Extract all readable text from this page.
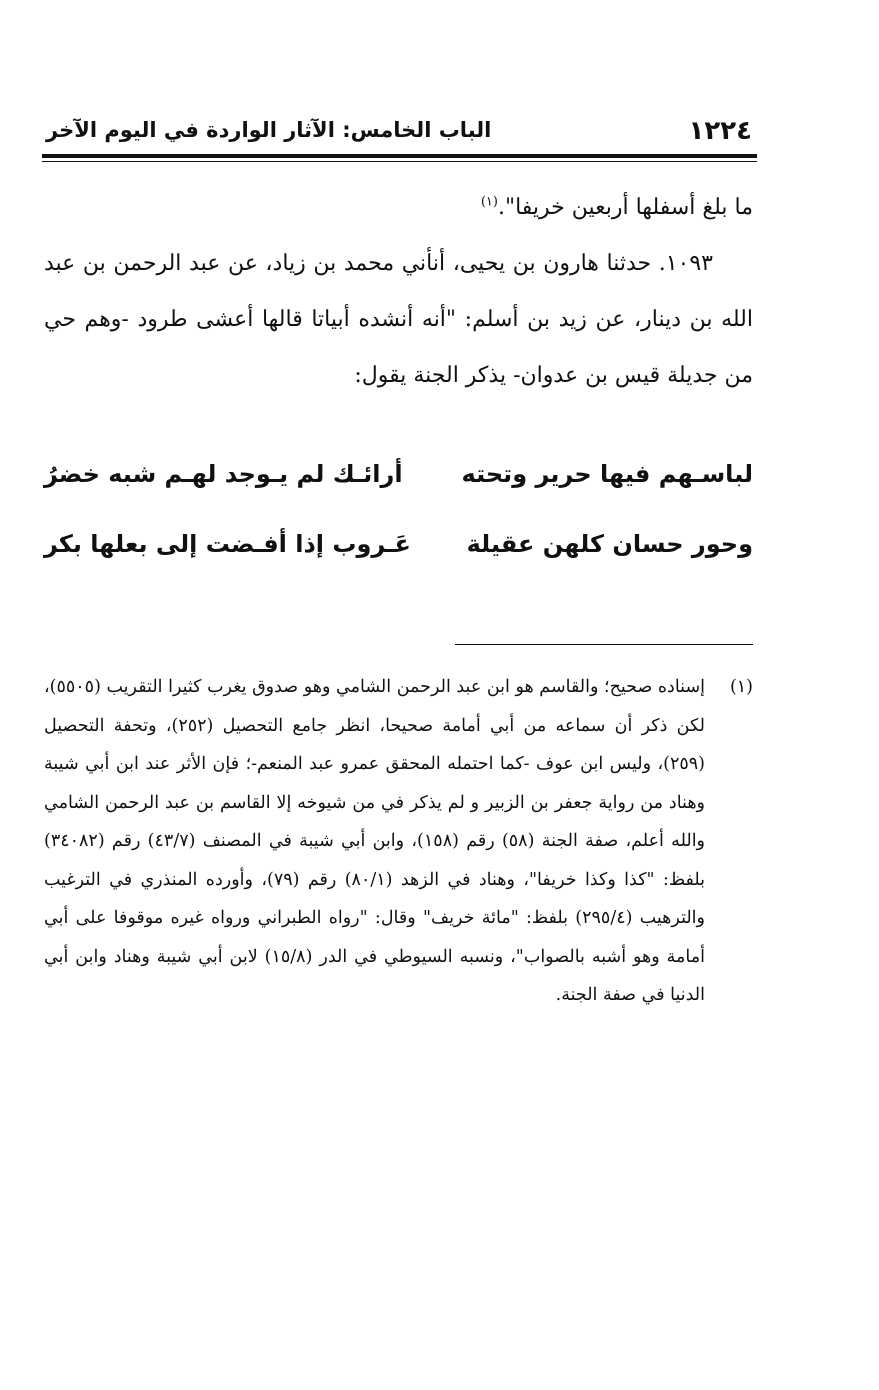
١٢٢٤
الباب الخامس: الآثار الواردة في اليوم الآخر

ما بلغ أسفلها أربعين خريفا".$^{(١)}$

١٠٩٣. حدثنا هارون بن يحيى، أنأني محمد بن زياد، عن عبد الرحمن بن عبد الله بن دينار، عن زيد بن أسلم: "أنه أنشده أبياتا قالها أعشى طرود -وهم حي من جديلة قيس بن عدوان- يذكر الجنة يقول:

لباسـهم فيها حرير وتحته
أرائـك لم يـوجد لهـم شبه خضرُ
وحور حسان كلهن عقيلة
عَـروب إذا أفـضت إلى بعلها بكر
(١)
إسناده صحيح؛ والقاسم هو ابن عبد الرحمن الشامي وهو صدوق يغرب كثيرا التقريب (٥٥٠٥)، لكن ذكر أن سماعه من أبي أمامة صحيحا، انظر جامع التحصيل (٢٥٢)، وتحفة التحصيل (٢٥٩)، وليس ابن عوف -كما احتمله المحقق عمرو عبد المنعم-؛ فإن الأثر عند ابن أبي شيبة وهناد من رواية جعفر بن الزبير و لم يذكر في من شيوخه إلا القاسم بن عبد الرحمن الشامي والله أعلم، صفة الجنة (٥٨) رقم (١٥٨)، وابن أبي شيبة في المصنف (٤٣/٧) رقم (٣٤٠٨٢) بلفظ: "كذا وكذا خريفا"، وهناد في الزهد (٨٠/١) رقم (٧٩)، وأورده المنذري في الترغيب والترهيب (٢٩٥/٤) بلفظ: "مائة خريف" وقال: "رواه الطبراني ورواه غيره موقوفا على أبي أمامة وهو أشبه بالصواب"، ونسبه السيوطي في الدر (١٥/٨) لابن أبي شيبة وهناد وابن أبي الدنيا في صفة الجنة.
